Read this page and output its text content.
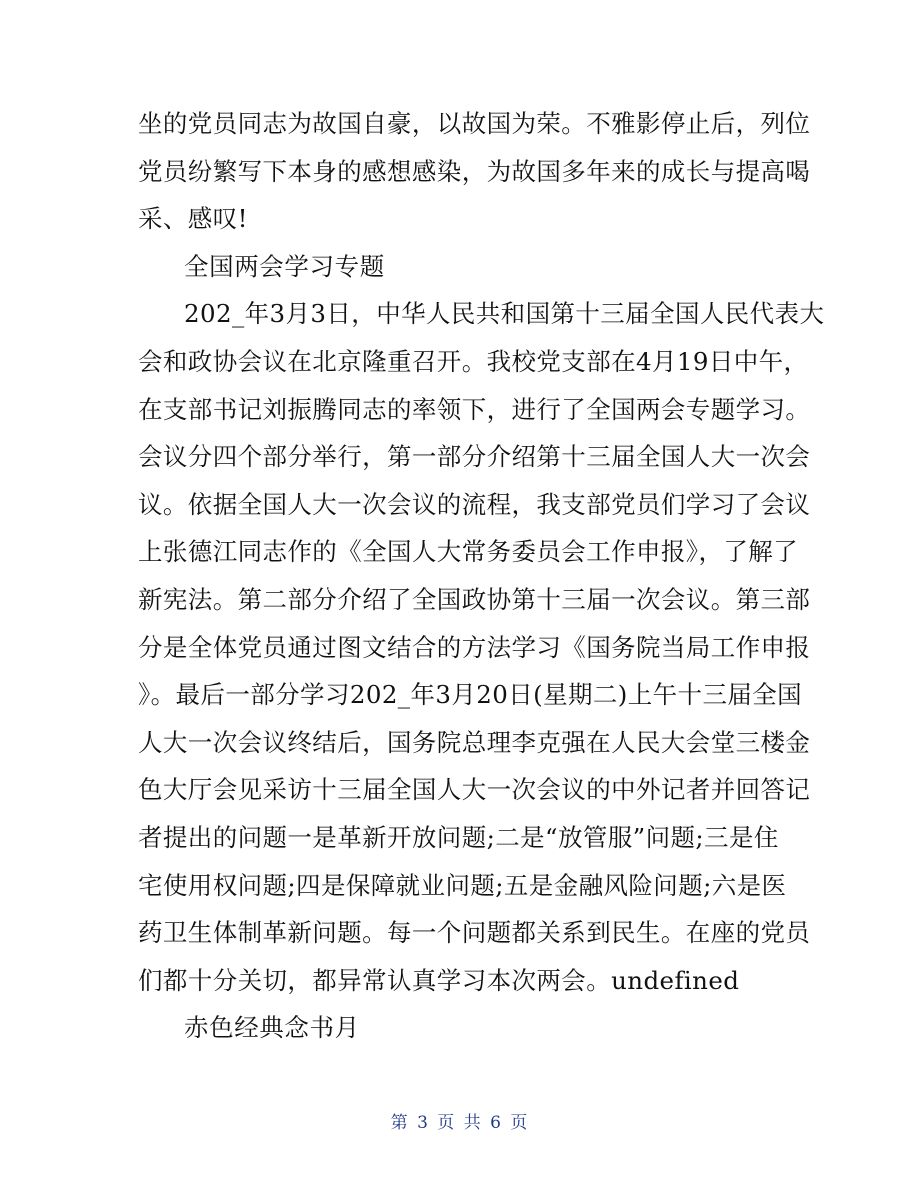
坐的党员同志为故国自豪，以故国为荣。不雅影停止后，列位
党员纷繁写下本身的感想感染，为故国多年来的成长与提高喝
采、感叹!
全国两会学习专题
202_年3月3日，中华人民共和国第十三届全国人民代表大
会和政协会议在北京隆重召开。我校党支部在4月19日中午，
在支部书记刘振腾同志的率领下，进行了全国两会专题学习。
会议分四个部分举行，第一部分介绍第十三届全国人大一次会
议。依据全国人大一次会议的流程，我支部党员们学习了会议
上张德江同志作的《全国人大常务委员会工作申报》，了解了
新宪法。第二部分介绍了全国政协第十三届一次会议。第三部
分是全体党员通过图文结合的方法学习《国务院当局工作申报
》。最后一部分学习202_年3月20日(星期二)上午十三届全国
人大一次会议终结后，国务院总理李克强在人民大会堂三楼金
色大厅会见采访十三届全国人大一次会议的中外记者并回答记
者提出的问题一是革新开放问题;二是“放管服”问题;三是住
宅使用权问题;四是保障就业问题;五是金融风险问题;六是医
药卫生体制革新问题。每一个问题都关系到民生。在座的党员
们都十分关切，都异常认真学习本次两会。undefined
赤色经典念书月
第 3 页 共 6 页
